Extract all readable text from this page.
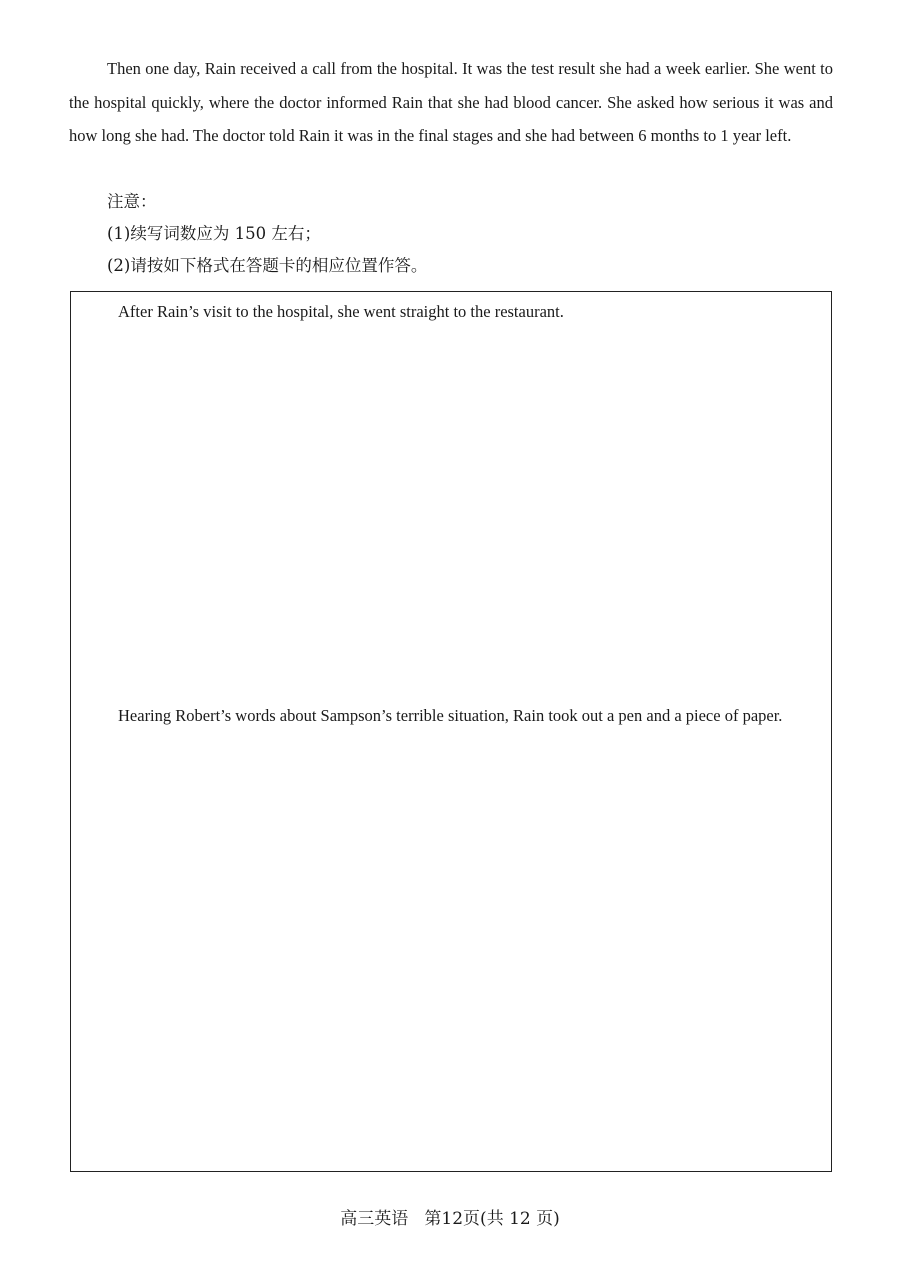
Then one day, Rain received a call from the hospital. It was the test result she had a week earlier. She went to the hospital quickly, where the doctor informed Rain that she had blood cancer. She asked how serious it was and how long she had. The doctor told Rain it was in the final stages and she had between 6 months to 1 year left.

注意：
(1)续写词数应为 150 左右；
(2)请按如下格式在答题卡的相应位置作答。
After Rain’s visit to the hospital, she went straight to the restaurant.

Hearing Robert’s words about Sampson’s terrible situation, Rain took out a pen and a piece of paper.

高三英语   第12页(共 12 页)
